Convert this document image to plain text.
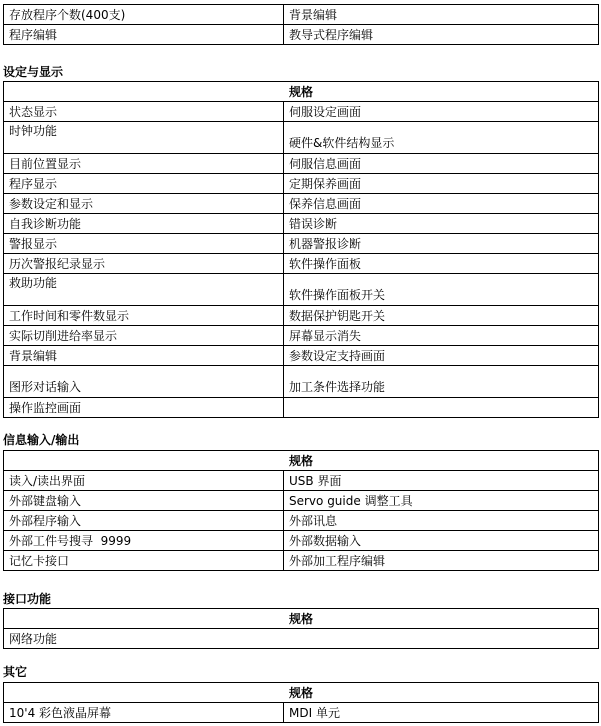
存放程序个数(400支)	背景编辑
程序编辑	教导式程序编辑
设定与显示
规格	
状态显示	伺服设定画面
时钟功能	硬件&软件结构显示
目前位置显示	伺服信息画面
程序显示	定期保养画面
参数设定和显示	保养信息画面
自我诊断功能	错误诊断
警报显示	机器警报诊断
历次警报纪录显示	软件操作面板
救助功能	软件操作面板开关
工作时间和零件数显示	数据保护钥匙开关
实际切削进给率显示	屏幕显示消失
背景编辑	参数设定支持画面
图形对话输入	加工条件选择功能
操作监控画面	
信息输入/输出
规格	
读入/读出界面	USB 界面
外部键盘输入	Servo guide 调整工具
外部程序输入	外部讯息
外部工件号搜寻  9999	外部数据输入
记忆卡接口	外部加工程序编辑
接口功能
规格
网络功能
其它
规格
10'4 彩色液晶屏幕	MDI 单元
